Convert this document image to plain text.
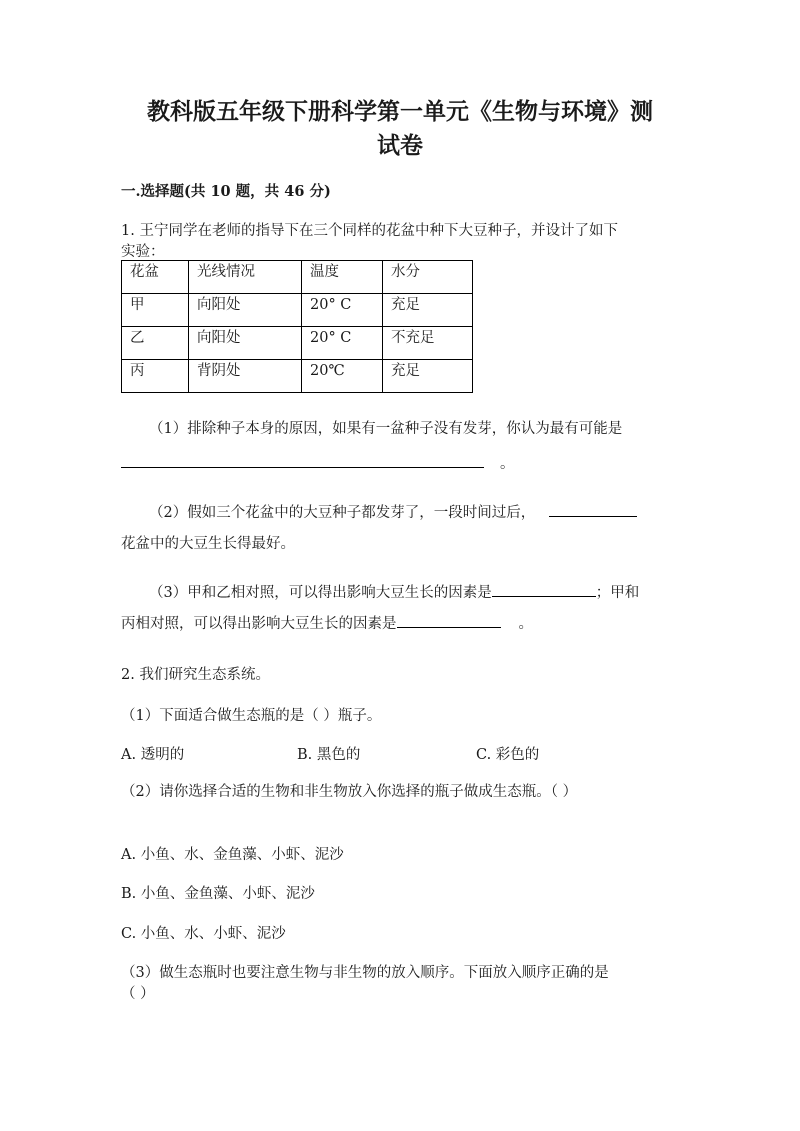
教科版五年级下册科学第一单元《生物与环境》测
试卷
一.选择题(共 10 题，共 46 分)
1. 王宁同学在老师的指导下在三个同样的花盆中种下大豆种子，并设计了如下
实验：
花盆	光线情况	温度	水分
甲	向阳处	20° C	充足
乙	向阳处	20° C	不充足
丙	背阴处	20℃	充足
（1）排除种子本身的原因，如果有一盆种子没有发芽，你认为最有可能是
。
（2）假如三个花盆中的大豆种子都发芽了，一段时间过后，
花盆中的大豆生长得最好。
（3）甲和乙相对照，可以得出影响大豆生长的因素是	；甲和
丙相对照，可以得出影响大豆生长的因素是	。
2. 我们研究生态系统。
（1）下面适合做生态瓶的是（ ）瓶子。
A. 透明的	B. 黑色的	C. 彩色的
（2）请你选择合适的生物和非生物放入你选择的瓶子做成生态瓶。（ ）
A. 小鱼、水、金鱼藻、小虾、泥沙
B. 小鱼、金鱼藻、小虾、泥沙
C. 小鱼、水、小虾、泥沙
（3）做生态瓶时也要注意生物与非生物的放入顺序。下面放入顺序正确的是
（ ）
